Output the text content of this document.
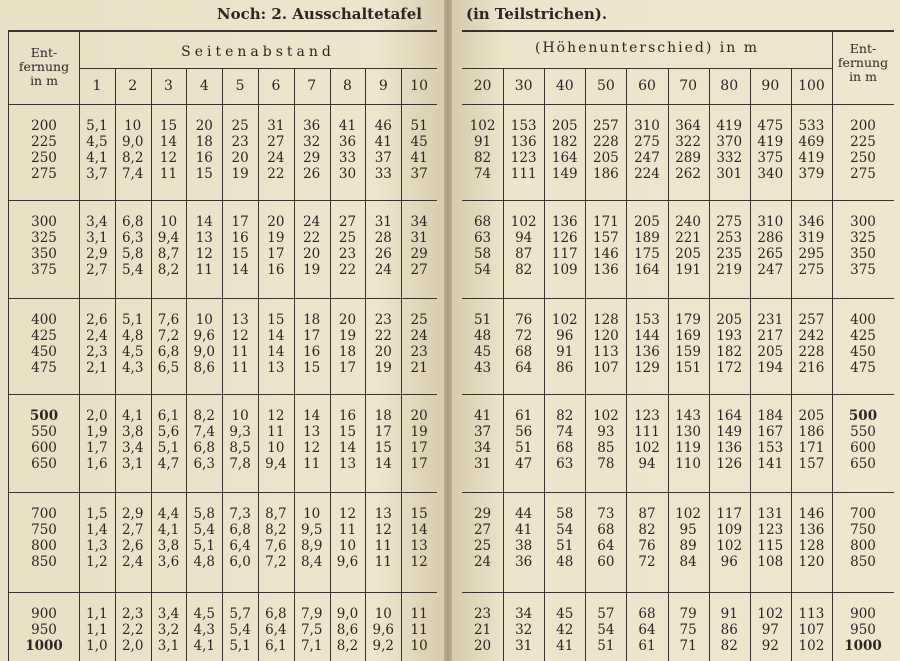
Noch: 2. Ausschaltetafel
Ent-
fernung
in m
Seitenabstand
1	2	3	4	5	6	7	8	9	10
200	5,1	10	15	20	25	31	36	41	46	51
225	4,5	9,0	14	18	23	27	32	36	41	45
250	4,1	8,2	12	16	20	24	29	33	37	41
275	3,7	7,4	11	15	19	22	26	30	33	37
300	3,4	6,8	10	14	17	20	24	27	31	34
325	3,1	6,3	9,4	13	16	19	22	25	28	31
350	2,9	5,8	8,7	12	15	17	20	23	26	29
375	2,7	5,4	8,2	11	14	16	19	22	24	27
400	2,6	5,1	7,6	10	13	15	18	20	23	25
425	2,4	4,8	7,2	9,6	12	14	17	19	22	24
450	2,3	4,5	6,8	9,0	11	14	16	18	20	23
475	2,1	4,3	6,5	8,6	11	13	15	17	19	21
500	2,0	4,1	6,1	8,2	10	12	14	16	18	20
550	1,9	3,8	5,6	7,4	9,3	11	13	15	17	19
600	1,7	3,4	5,1	6,8	8,5	10	12	14	15	17
650	1,6	3,1	4,7	6,3	7,8	9,4	11	13	14	17
700	1,5	2,9	4,4	5,8	7,3	8,7	10	12	13	15
750	1,4	2,7	4,1	5,4	6,8	8,2	9,5	11	12	14
800	1,3	2,6	3,8	5,1	6,4	7,6	8,9	10	11	13
850	1,2	2,4	3,6	4,8	6,0	7,2	8,4	9,6	11	12
900	1,1	2,3	3,4	4,5	5,7	6,8	7,9	9,0	10	11
950	1,1	2,2	3,2	4,3	5,4	6,4	7,5	8,6	9,6	11
1000	1,0	2,0	3,1	4,1	5,1	6,1	7,1	8,2	9,2	10
(in Teilstrichen).
(Höhenunterschied) in m	Ent-
fernung
in m
20	30	40	50	60	70	80	90	100
102	153	205	257	310	364	419	475	533	200
91	136	182	228	275	322	370	419	469	225
82	123	164	205	247	289	332	375	419	250
74	111	149	186	224	262	301	340	379	275
68	102	136	171	205	240	275	310	346	300
63	94	126	157	189	221	253	286	319	325
58	87	117	146	175	205	235	265	295	350
54	82	109	136	164	191	219	247	275	375
51	76	102	128	153	179	205	231	257	400
48	72	96	120	144	169	193	217	242	425
45	68	91	113	136	159	182	205	228	450
43	64	86	107	129	151	172	194	216	475
41	61	82	102	123	143	164	184	205	500
37	56	74	93	111	130	149	167	186	550
34	51	68	85	102	119	136	153	171	600
31	47	63	78	94	110	126	141	157	650
29	44	58	73	87	102	117	131	146	700
27	41	54	68	82	95	109	123	136	750
25	38	51	64	76	89	102	115	128	800
24	36	48	60	72	84	96	108	120	850
23	34	45	57	68	79	91	102	113	900
21	32	42	54	64	75	86	97	107	950
20	31	41	51	61	71	82	92	102	1000
